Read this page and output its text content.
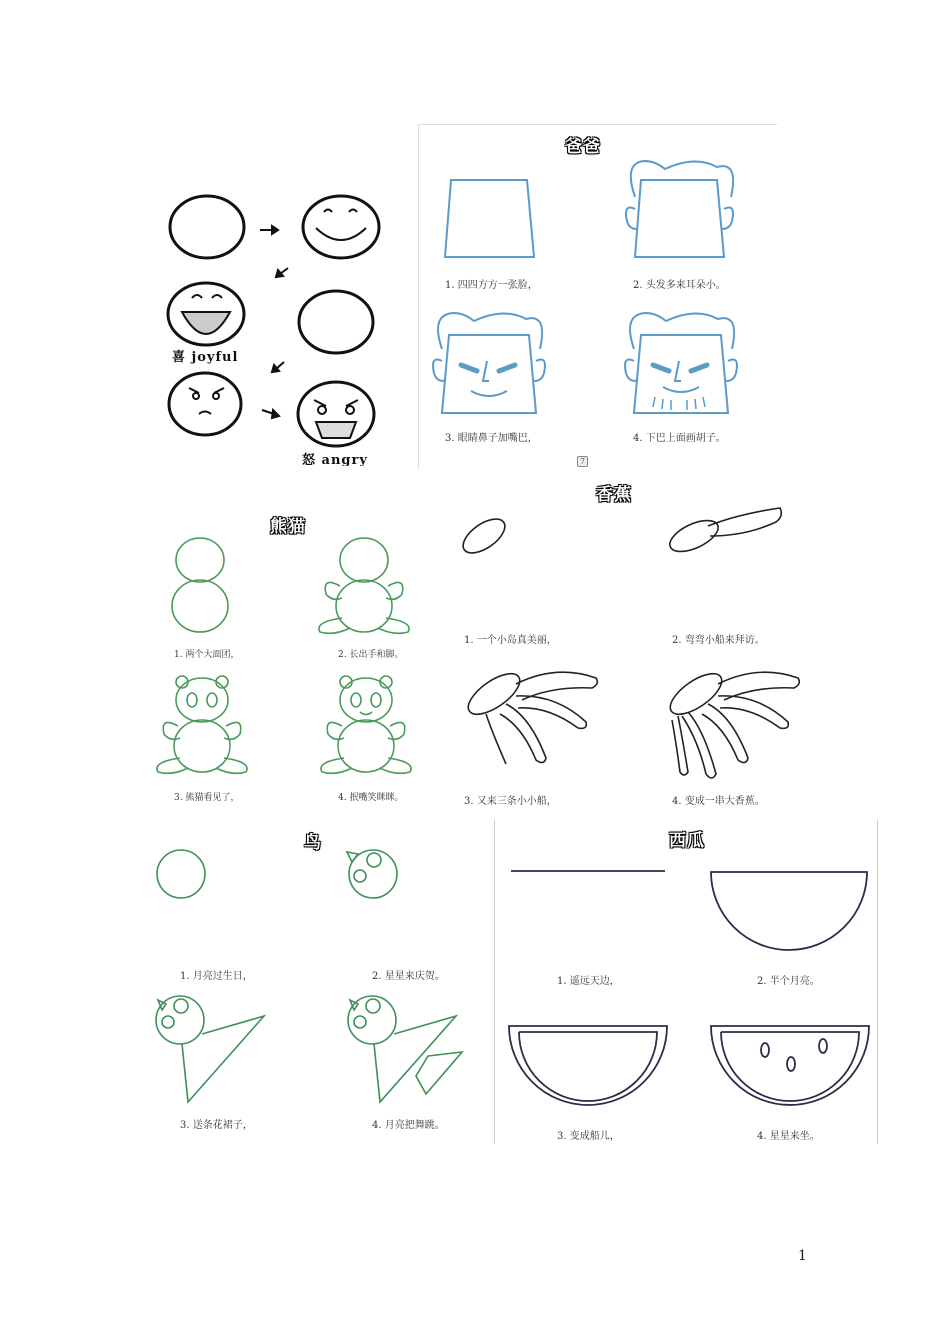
喜 joyful
怒 angry
爸爸
1. 四四方方一张脸，	2. 头发多来耳朵小。
3. 眼睛鼻子加嘴巴，	4. 下巴上面画胡子。
7
熊猫
1. 两个大面团，	2. 长出手和脚。
3. 熊猫看见了，	4. 抿嘴笑眯眯。
香蕉
1. 一个小岛真美丽，	2. 弯弯小船来拜访。
3. 又来三条小小船，	4. 变成一串大香蕉。
鸟
1. 月亮过生日，	2. 星星来庆贺。
3. 送条花裙子，	4. 月亮把舞跳。
西瓜
1. 遥远天边，	2. 半个月亮。
3. 变成船儿，	4. 星星来坐。
1
